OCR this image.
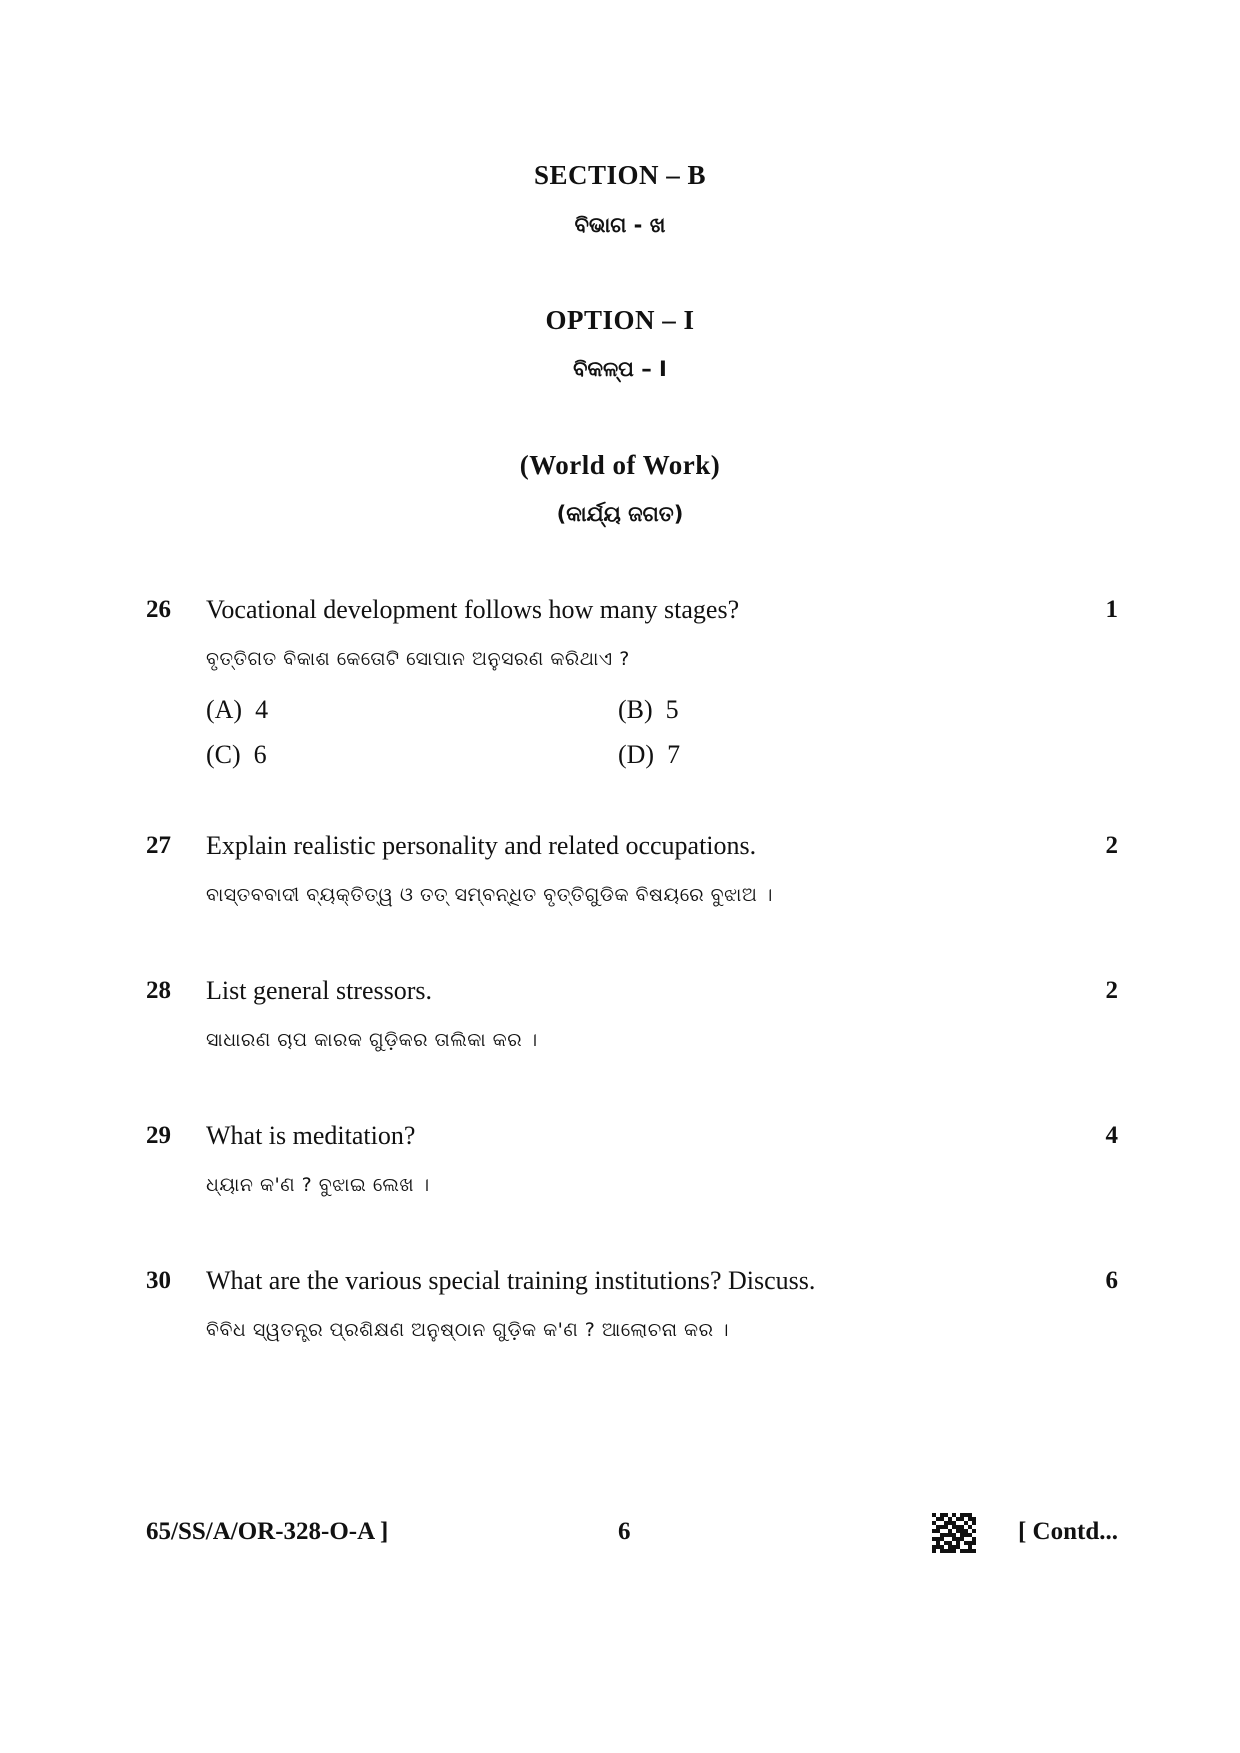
SECTION – B
ବିଭାଗ - ଖ
OPTION – I
ବିକଳ୍ପ – I
(World of Work)
(କାର୍ଯ୍ୟ ଜଗତ)
26 Vocational development follows how many stages?	1
ବୃତ୍ତିଗତ ବିକାଶ କେତୋଟି ସୋପାନ ଅନୁସରଣ କରିଥାଏ ?
(A) 4	(B) 5
(C) 6	(D) 7
27 Explain realistic personality and related occupations.	2
ବାସ୍ତବବାଦୀ ବ୍ୟକ୍ତିତ୍ୱ ଓ ତତ୍ ସମ୍ବନ୍ଧିତ ବୃତ୍ତିଗୁଡିକ ବିଷୟରେ ବୁଝାଅ ।
28 List general stressors.	2
ସାଧାରଣ ଚାପ କାରକ ଗୁଡ଼ିକର ତାଲିକା କର ।
29 What is meditation?	4
ଧ୍ୟାନ କ'ଣ ? ବୁଝାଇ ଲେଖ ।
30 What are the various special training institutions? Discuss.	6
ବିବିଧ ସ୍ୱତନ୍ତ୍ର ପ୍ରଶିକ୍ଷଣ ଅନୁଷ୍ଠାନ ଗୁଡ଼ିକ କ'ଣ ? ଆଲୋଚନା କର ।
65/SS/A/OR-328-O-A ]	6	[ Contd...
